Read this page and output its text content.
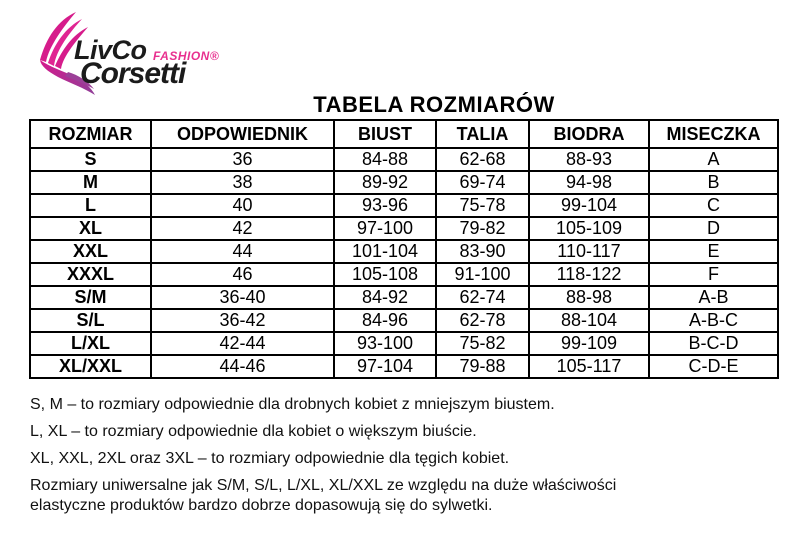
LivCo FASHION®
Corsetti
TABELA ROZMIARÓW
ROZMIAR	ODPOWIEDNIK	BIUST	TALIA	BIODRA	MISECZKA
S	36	84-88	62-68	88-93	A
M	38	89-92	69-74	94-98	B
L	40	93-96	75-78	99-104	C
XL	42	97-100	79-82	105-109	D
XXL	44	101-104	83-90	110-117	E
XXXL	46	105-108	91-100	118-122	F
S/M	36-40	84-92	62-74	88-98	A-B
S/L	36-42	84-96	62-78	88-104	A-B-C
L/XL	42-44	93-100	75-82	99-109	B-C-D
XL/XXL	44-46	97-104	79-88	105-117	C-D-E

S, M – to rozmiary odpowiednie dla drobnych kobiet z mniejszym biustem.

L, XL – to rozmiary odpowiednie dla kobiet o większym biuście.

XL, XXL, 2XL oraz 3XL – to rozmiary odpowiednie dla tęgich kobiet.

Rozmiary uniwersalne jak S/M, S/L, L/XL, XL/XXL ze względu na duże właściwości elastyczne produktów bardzo dobrze dopasowują się do sylwetki.
